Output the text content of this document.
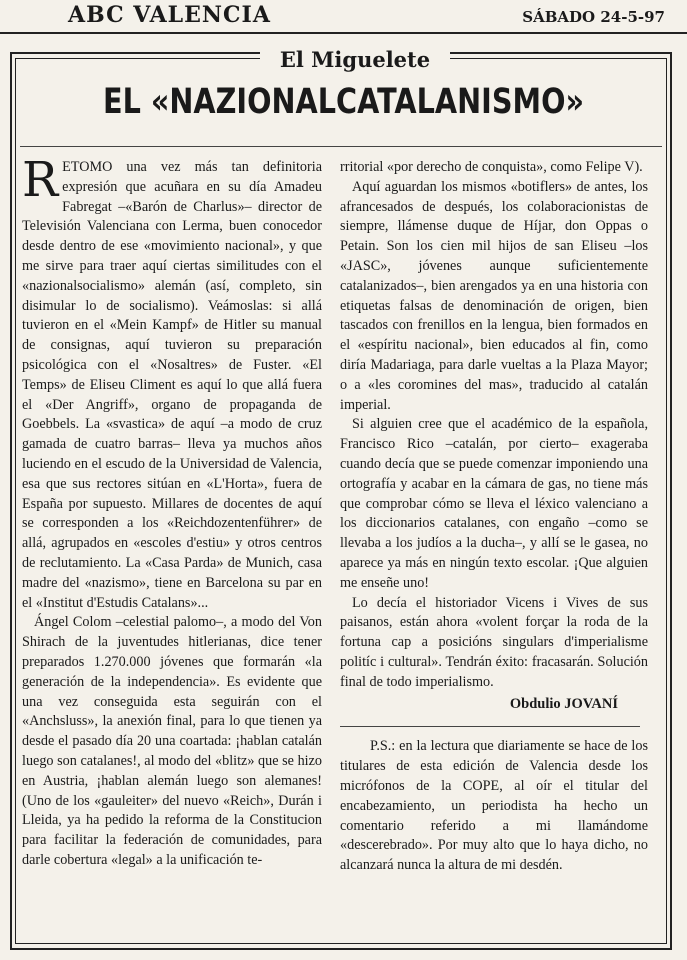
ABC VALENCIA	SÁBADO 24-5-97
El Miguelete
EL «NAZIONALCATALANISMO»

RETOMO una vez más tan definitoria expresión que acuñara en su día Amadeu Fabregat –«Barón de Charlus»– director de Televisión Valenciana con Lerma, buen conocedor desde dentro de ese «movimiento nacional», y que me sirve para traer aquí ciertas similitudes con el «nazionalsocialismo» alemán (así, completo, sin disimular lo de socialismo). Veámoslas: si allá tuvieron en el «Mein Kampf» de Hitler su manual de consignas, aquí tuvieron su preparación psicológica con el «Nosaltres» de Fuster. «El Temps» de Eliseu Climent es aquí lo que allá fuera el «Der Angriff», organo de propaganda de Goebbels. La «svastica» de aquí –a modo de cruz gamada de cuatro barras– lleva ya muchos años luciendo en el escudo de la Universidad de Valencia, esa que sus rectores sitúan en «L'Horta», fuera de España por supuesto. Millares de docentes de aquí se corresponden a los «Reichdozentenführer» de allá, agrupados en «escoles d'estiu» y otros centros de reclutamiento. La «Casa Parda» de Munich, casa madre del «nazismo», tiene en Barcelona su par en el «Institut d'Estudis Catalans»...

Ángel Colom –celestial palomo–, a modo del Von Shirach de la juventudes hitlerianas, dice tener preparados 1.270.000 jóvenes que formarán «la generación de la independencia». Es evidente que una vez conseguida esta seguirán con el «Anchsluss», la anexión final, para lo que tienen ya desde el pasado día 20 una coartada: ¡hablan catalán luego son catalanes!, al modo del «blitz» que se hizo en Austria, ¡hablan alemán luego son alemanes! (Uno de los «gauleiter» del nuevo «Reich», Durán i Lleida, ya ha pedido la reforma de la Constitucion para facilitar la federación de comunidades, para darle cobertura «legal» a la unificación te-

rritorial «por derecho de conquista», como Felipe V).

Aquí aguardan los mismos «botiflers» de antes, los afrancesados de después, los colaboracionistas de siempre, llámense duque de Híjar, don Oppas o Petain. Son los cien mil hijos de san Eliseu –los «JASC», jóvenes aunque suficientemente catalanizados–, bien arengados ya en una historia con etiquetas falsas de denominación de origen, bien tascados con frenillos en la lengua, bien formados en el «espíritu nacional», bien educados al fin, como diría Madariaga, para darle vueltas a la Plaza Mayor; o a «les coromines del mas», traducido al catalán imperial.

Si alguien cree que el académico de la española, Francisco Rico –catalán, por cierto– exageraba cuando decía que se puede comenzar imponiendo una ortografía y acabar en la cámara de gas, no tiene más que comprobar cómo se lleva el léxico valenciano a los diccionarios catalanes, con engaño –como se llevaba a los judíos a la ducha–, y allí se le gasea, no aparece ya más en ningún texto escolar. ¡Que alguien me enseñe uno!

Lo decía el historiador Vicens i Vives de sus paisanos, están ahora «volent forçar la roda de la fortuna cap a posicións singulars d'imperialisme politíc i cultural». Tendrán éxito: fracasarán. Solución final de todo imperialismo.

Obdulio JOVANÍ

P.S.: en la lectura que diariamente se hace de los titulares de esta edición de Valencia desde los micrófonos de la COPE, al oír el titular del encabezamiento, un periodista ha hecho un comentario referido a mi llamándome «descerebrado». Por muy alto que lo haya dicho, no alcanzará nunca la altura de mi desdén.
